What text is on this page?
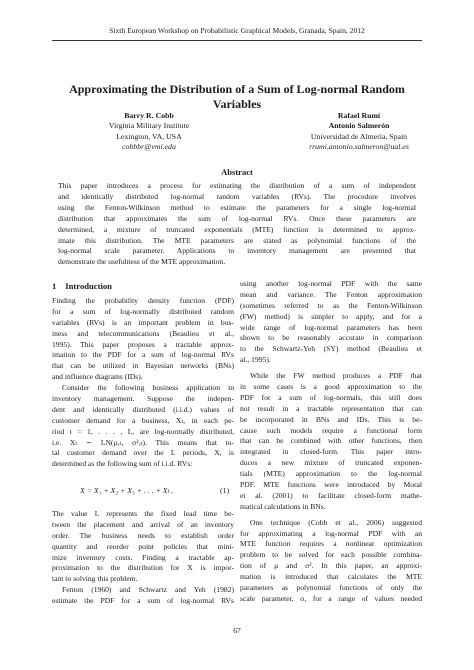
Sixth European Workshop on Probabilistic Graphical Models, Granada, Spain, 2012
Approximating the Distribution of a Sum of Log-normal Random
Variables
Barry R. Cobb
Virginia Military Institute
Lexington, VA, USA
cobbbr@vmi.edu
Rafael Rumí
Antonio Salmerón
Universidad de Almería, Spain
rrumi,antonio.salmeron@ual.es
Abstract
This paper introduces a process for estimating the distribution of a sum of independent
and identically distributed log-normal random variables (RVs). The procedure involves
using the Fenton-Wilkinson method to estimate the parameters for a single log-normal
distribution that approximates the sum of log-normal RVs. Once these parameters are
determined, a mixture of truncated exponentials (MTE) function is determined to approx-
imate this distribution. The MTE parameters are stated as polynomial functions of the
log-normal scale parameter. Applications to inventory management are presented that
demonstrate the usefulness of the MTE approximation.
1 Introduction
Finding the probability density function (PDF)
for a sum of log-normally distributed random
variables (RVs) is an important problem in bus-
iness and telecommunications (Beaulieu et al.,
1995). This paper proposes a tractable approx-
imation to the PDF for a sum of log-normal RVs
that can be utilized in Bayesian networks (BNs)
and influence diagrams (IDs).
Consider the following business application in
inventory management. Suppose the indepen-
dent and identically distributed (i.i.d.) values of
customer demand for a business, Xₜ, in each pe-
riod t = 1, . . . , L, are log-normally distributed,
i.e. Xₜ ∼ LN(μₓₜ, σ²ₓₜ). This means that to-
tal customer demand over the L periods, X, is
determined as the following sum of i.i.d. RVs:
X = X₁ + X₂ + X₃ + . . . + Xₗ .	(1)
The value L represents the fixed lead time be-
tween the placement and arrival of an inventory
order. The business needs to establish order
quantity and reorder point policies that mini-
mize inventory costs. Finding a tractable ap-
proximation to the distribution for X is impor-
tant to solving this problem.
Fenton (1960) and Schwartz and Yeh (1982)
estimate the PDF for a sum of log-normal RVs
using another log-normal PDF with the same
mean and variance. The Fenton approximation
(sometimes referred to as the Fenton-Wilkinson
(FW) method) is simpler to apply, and for a
wide range of log-normal parameters has been
shown to be reasonably accurate in comparison
to the Schwartz-Yeh (SY) method (Beaulieu et
al., 1995).
While the FW method produces a PDF that
in some cases is a good approximation to the
PDF for a sum of log-normals, this still does
not result in a tractable representation that can
be incorporated in BNs and IDs. This is be-
cause such models require a functional form
that can be combined with other functions, then
integrated in closed-form. This paper intro-
duces a new mixture of truncated exponen-
tials (MTE) approximation to the log-normal
PDF. MTE functions were introduced by Moral
et al. (2001) to facilitate closed-form mathe-
matical calculations in BNs.
One technique (Cobb et al., 2006) suggested
for approximating a log-normal PDF with an
MTE function requires a nonlinear optimization
problem to be solved for each possible combina-
tion of μ and σ². In this paper, an approxi-
mation is introduced that calculates the MTE
parameters as polynomial functions of only the
scale parameter, σ, for a range of values needed
67
